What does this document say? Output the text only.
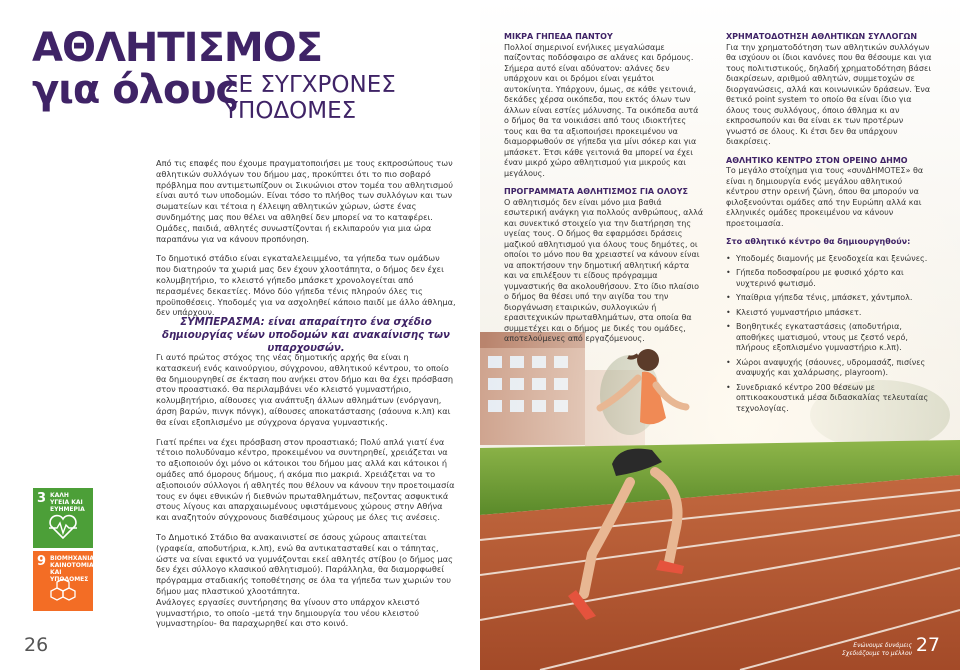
ΑΘΛΗΤΙΣΜΟΣ
για όλους
ΣΕ ΣΥΓΧΡΟΝΕΣ
ΥΠΟΔΟΜΕΣ

Από τις επαφές που έχουμε πραγματοποιήσει με τους εκπροσώπους των αθλητικών συλλόγων του δήμου μας, προκύπτει ότι το πιο σοβαρό πρόβλημα που αντιμετωπίζουν οι Σικυώνιοι στον τομέα του αθλητισμού είναι αυτό των υποδομών. Είναι τόσο το πλήθος των συλλόγων και των σωματείων και τέτοια η έλλειψη αθλητικών χώρων, ώστε ένας συνδημότης μας που θέλει να αθληθεί δεν μπορεί να το καταφέρει. Ομάδες, παιδιά, αθλητές συνωστίζονται ή εκλιπαρούν για μια ώρα παραπάνω για να κάνουν προπόνηση.

Το δημοτικό στάδιο είναι εγκαταλελειμμένο, τα γήπεδα των ομάδων που διατηρούν τα χωριά μας δεν έχουν χλοοτάπητα, ο δήμος δεν έχει κολυμβητήριο, το κλειστό γήπεδο μπάσκετ χρονολογείται από περασμένες δεκαετίες. Μόνο δύο γήπεδα τένις πληρούν όλες τις προϋποθέσεις. Υποδομές για να ασχοληθεί κάποιο παιδί με άλλο άθλημα, δεν υπάρχουν.

ΣΥΜΠΕΡΑΣΜΑ: είναι απαραίτητο ένα σχέδιο δημιουργίας νέων υποδομών και ανακαίνισης των υπαρχουσών.

Γι αυτό πρώτος στόχος της νέας δημοτικής αρχής θα είναι η κατασκευή ενός καινούργιου, σύγχρονου, αθλητικού κέντρου, το οποίο θα δημιουργηθεί σε έκταση που ανήκει στον δήμο και θα έχει πρόσβαση στον προαστιακό. Θα περιλαμβάνει νέο κλειστό γυμναστήριο, κολυμβητήριο, αίθουσες για ανάπτυξη άλλων αθλημάτων (ενόργανη, άρση βαρών, πινγκ πόνγκ), αίθουσες αποκατάστασης (σάουνα κ.λπ) και θα είναι εξοπλισμένο με σύγχρονα όργανα γυμναστικής.

Γιατί πρέπει να έχει πρόσβαση στον προαστιακό; Πολύ απλά γιατί ένα τέτοιο πολυδύναμο κέντρο, προκειμένου να συντηρηθεί, χρειάζεται να το αξιοποιούν όχι μόνο οι κάτοικοι του δήμου μας αλλά και κάτοικοι ή ομάδες από όμορους δήμους, ή ακόμα πιο μακριά. Χρειάζεται να το αξιοποιούν σύλλογοι ή αθλητές που θέλουν να κάνουν την προετοιμασία τους εν όψει εθνικών ή διεθνών πρωταθλημάτων, πεζοντας ασφυκτικά στους λίγους και απαρχαιωμένους υφιστάμενους χώρους στην Αθήνα και αναζητούν σύγχρονους διαθέσιμους χώρους με όλες τις ανέσεις.

Το Δημοτικό Στάδιο θα ανακαινιστεί σε όσους χώρους απαιτείται (γραφεία, αποδυτήρια, κ.λπ), ενώ θα αντικατασταθεί και ο τάπητας, ώστε να είναι εφικτό να γυμνάζονται εκεί αθλητές στίβου (ο δήμος μας δεν έχει σύλλογο κλασικού αθλητισμού). Παράλληλα, θα διαμορφωθεί πρόγραμμα σταδιακής τοποθέτησης σε όλα τα γήπεδα των χωριών του δήμου μας πλαστικού χλοοτάπητα.

Ανάλογες εργασίες συντήρησης θα γίνουν στο υπάρχον κλειστό γυμναστήριο, το οποίο -μετά την δημιουργία του νέου κλειστού γυμναστηρίου- θα παραχωρηθεί και στο κοινό.

3 ΚΑΛΗ ΥΓΕΙΑ ΚΑΙ ΕΥΗΜΕΡΙΑ
9 ΒΙΟΜΗΧΑΝΙΑ, ΚΑΙΝΟΤΟΜΙΑ ΚΑΙ ΥΠΟΔΟΜΕΣ
26
ΜΙΚΡΑ ΓΗΠΕΔΑ ΠΑΝΤΟΥ

Πολλοί σημερινοί ενήλικες μεγαλώσαμε παίζοντας ποδόσφαιρο σε αλάνες και δρόμους. Σήμερα αυτό είναι αδύνατον: αλάνες δεν υπάρχουν και οι δρόμοι είναι γεμάτοι αυτοκίνητα. Υπάρχουν, όμως, σε κάθε γειτονιά, δεκάδες χέρσα οικόπεδα, που εκτός όλων των άλλων είναι εστίες μόλυνσης. Τα οικόπεδα αυτά ο δήμος θα τα νοικιάσει από τους ιδιοκτήτες τους και θα τα αξιοποιήσει προκειμένου να διαμορφωθούν σε γήπεδα για μίνι σόκερ και για μπάσκετ. Έτσι κάθε γειτονιά θα μπορεί να έχει έναν μικρό χώρο αθλητισμού για μικρούς και μεγάλους.

ΠΡΟΓΡΑΜΜΑΤΑ ΑΘΛΗΤΙΣΜΟΣ ΓΙΑ ΟΛΟΥΣ

Ο αθλητισμός δεν είναι μόνο μια βαθιά εσωτερική ανάγκη για πολλούς ανθρώπους, αλλά και συνεκτικό στοιχείο για την διατήρηση της υγείας τους. Ο δήμος θα εφαρμόσει δράσεις μαζικού αθλητισμού για όλους τους δημότες, οι οποίοι το μόνο που θα χρειαστεί να κάνουν είναι να αποκτήσουν την δημοτική αθλητική κάρτα και να επιλέξουν τι είδους πρόγραμμα γυμναστικής θα ακολουθήσουν. Στο ίδιο πλαίσιο ο δήμος θα θέσει υπό την αιγίδα του την διοργάνωση εταιρικών, συλλογικών ή ερασιτεχνικών πρωταθλημάτων, στα οποία θα συμμετέχει και ο δήμος με δικές του ομάδες, αποτελούμενες από εργαζόμενους.

ΧΡΗΜΑΤΟΔΟΤΗΣΗ ΑΘΛΗΤΙΚΩΝ ΣΥΛΛΟΓΩΝ

Για την χρηματοδότηση των αθλητικών συλλόγων θα ισχύουν οι ίδιοι κανόνες που θα θέσουμε και για τους πολιτιστικούς, δηλαδή χρηματοδότηση βάσει διακρίσεων, αριθμού αθλητών, συμμετοχών σε διοργανώσεις, αλλά και κοινωνικών δράσεων. Ένα θετικό point system το οποίο θα είναι ίδιο για όλους τους συλλόγους, όποιο άθλημα κι αν εκπροσωπούν και θα είναι εκ των προτέρων γνωστό σε όλους. Κι έτσι δεν θα υπάρχουν διακρίσεις.

ΑΘΛΗΤΙΚΟ ΚΕΝΤΡΟ ΣΤΟΝ ΟΡΕΙΝΟ ΔΗΜΟ

Το μεγάλο στοίχημα για τους «συνΔΗΜΟΤΕΣ» θα είναι η δημιουργία ενός μεγάλου αθλητικού κέντρου στην ορεινή ζώνη, όπου θα μπορούν να φιλοξενούνται ομάδες από την Ευρώπη αλλά και ελληνικές ομάδες προκειμένου να κάνουν προετοιμασία.

Στο αθλητικό κέντρο θα δημιουργηθούν:
• Υποδομές διαμονής με ξενοδοχεία και ξενώνες.
• Γήπεδα ποδοσφαίρου με φυσικό χόρτο και νυχτερινό φωτισμό.
• Υπαίθρια γήπεδα τένις, μπάσκετ, χάντμπολ.
• Κλειστό γυμναστήριο μπάσκετ.
• Βοηθητικές εγκαταστάσεις (αποδυτήρια, αποθήκες ιματισμού, ντους με ζεστό νερό, πλήρους εξοπλισμένο γυμναστήριο κ.λπ).
• Χώροι αναψυχής (σάουνες, υδρομασάζ, πισίνες αναψυχής και χαλάρωσης, playroom).
• Συνεδριακό κέντρο 200 θέσεων με οπτικοακουστικά μέσα διδασκαλίας τελευταίας τεχνολογίας.
Ενώνουμε δυνάμεις
Σχεδιάζουμε το μέλλον 27
